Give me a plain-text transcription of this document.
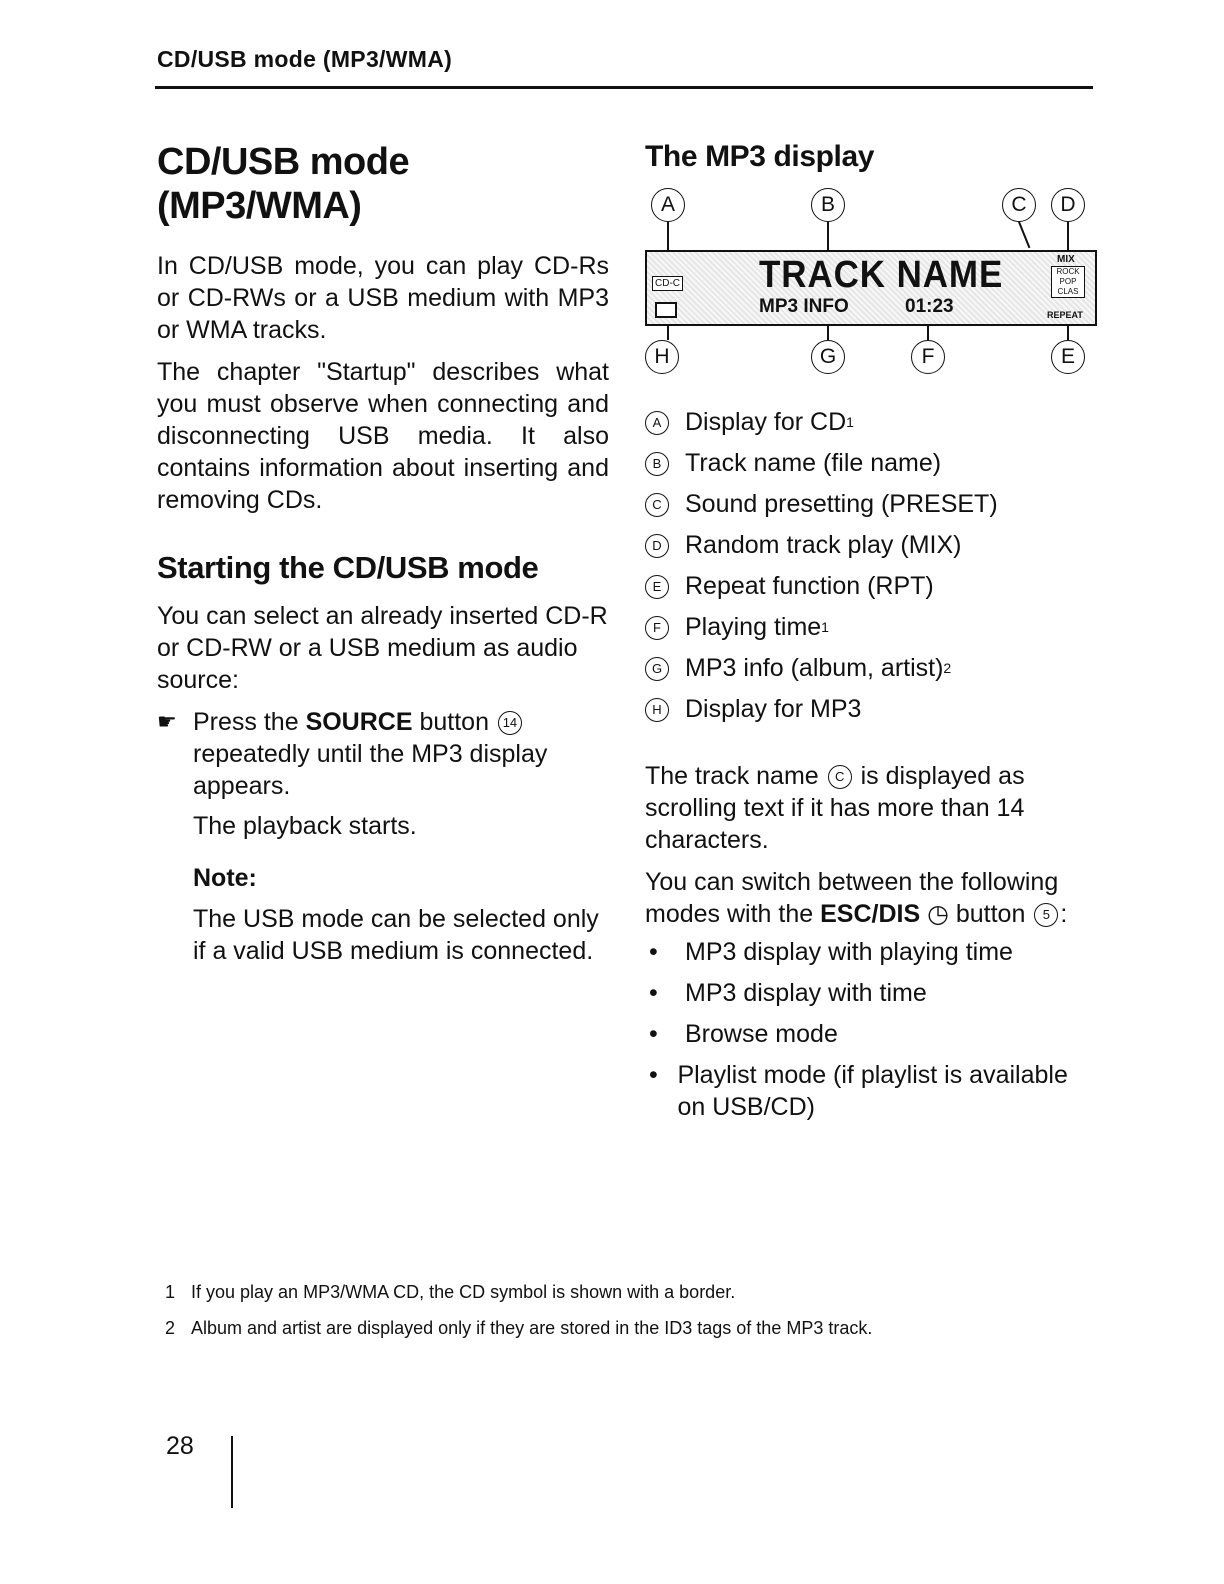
CD/USB mode (MP3/WMA)
CD/USB mode
(MP3/WMA)

In CD/USB mode, you can play CD-Rs or CD-RWs or a USB medium with MP3 or WMA tracks.

The chapter "Startup" describes what you must observe when connecting and disconnecting USB media. It also contains information about inserting and removing CDs.

Starting the CD/USB mode

You can select an already inserted CD-R or CD-RW or a USB medium as audio source:

☛ Press the SOURCE button 14 repeatedly until the MP3 display appears.

The playback starts.

Note:

The USB mode can be selected only if a valid USB medium is connected.

The MP3 display
A	B	C	D
CD-C TRACK NAME
MP3 INFO	01:23
MIX
ROCK
POP
CLAS
REPEAT
H	G	F	E
A Display for CD 1
B Track name (file name)
C Sound presetting (PRESET)
D Random track play (MIX)
E Repeat function (RPT)
F Playing time 1
G MP3 info (album, artist) 2
H Display for MP3

The track name C is displayed as scrolling text if it has more than 14 characters.

You can switch between the following modes with the ESC/DIS ◷ button 5 :

•	MP3 display with playing time
•	MP3 display with time
•	Browse mode
• Playlist mode (if playlist is available on USB/CD)
1 If you play an MP3/WMA CD, the CD symbol is shown with a border.
2 Album and artist are displayed only if they are stored in the ID3 tags of the MP3 track.
28
